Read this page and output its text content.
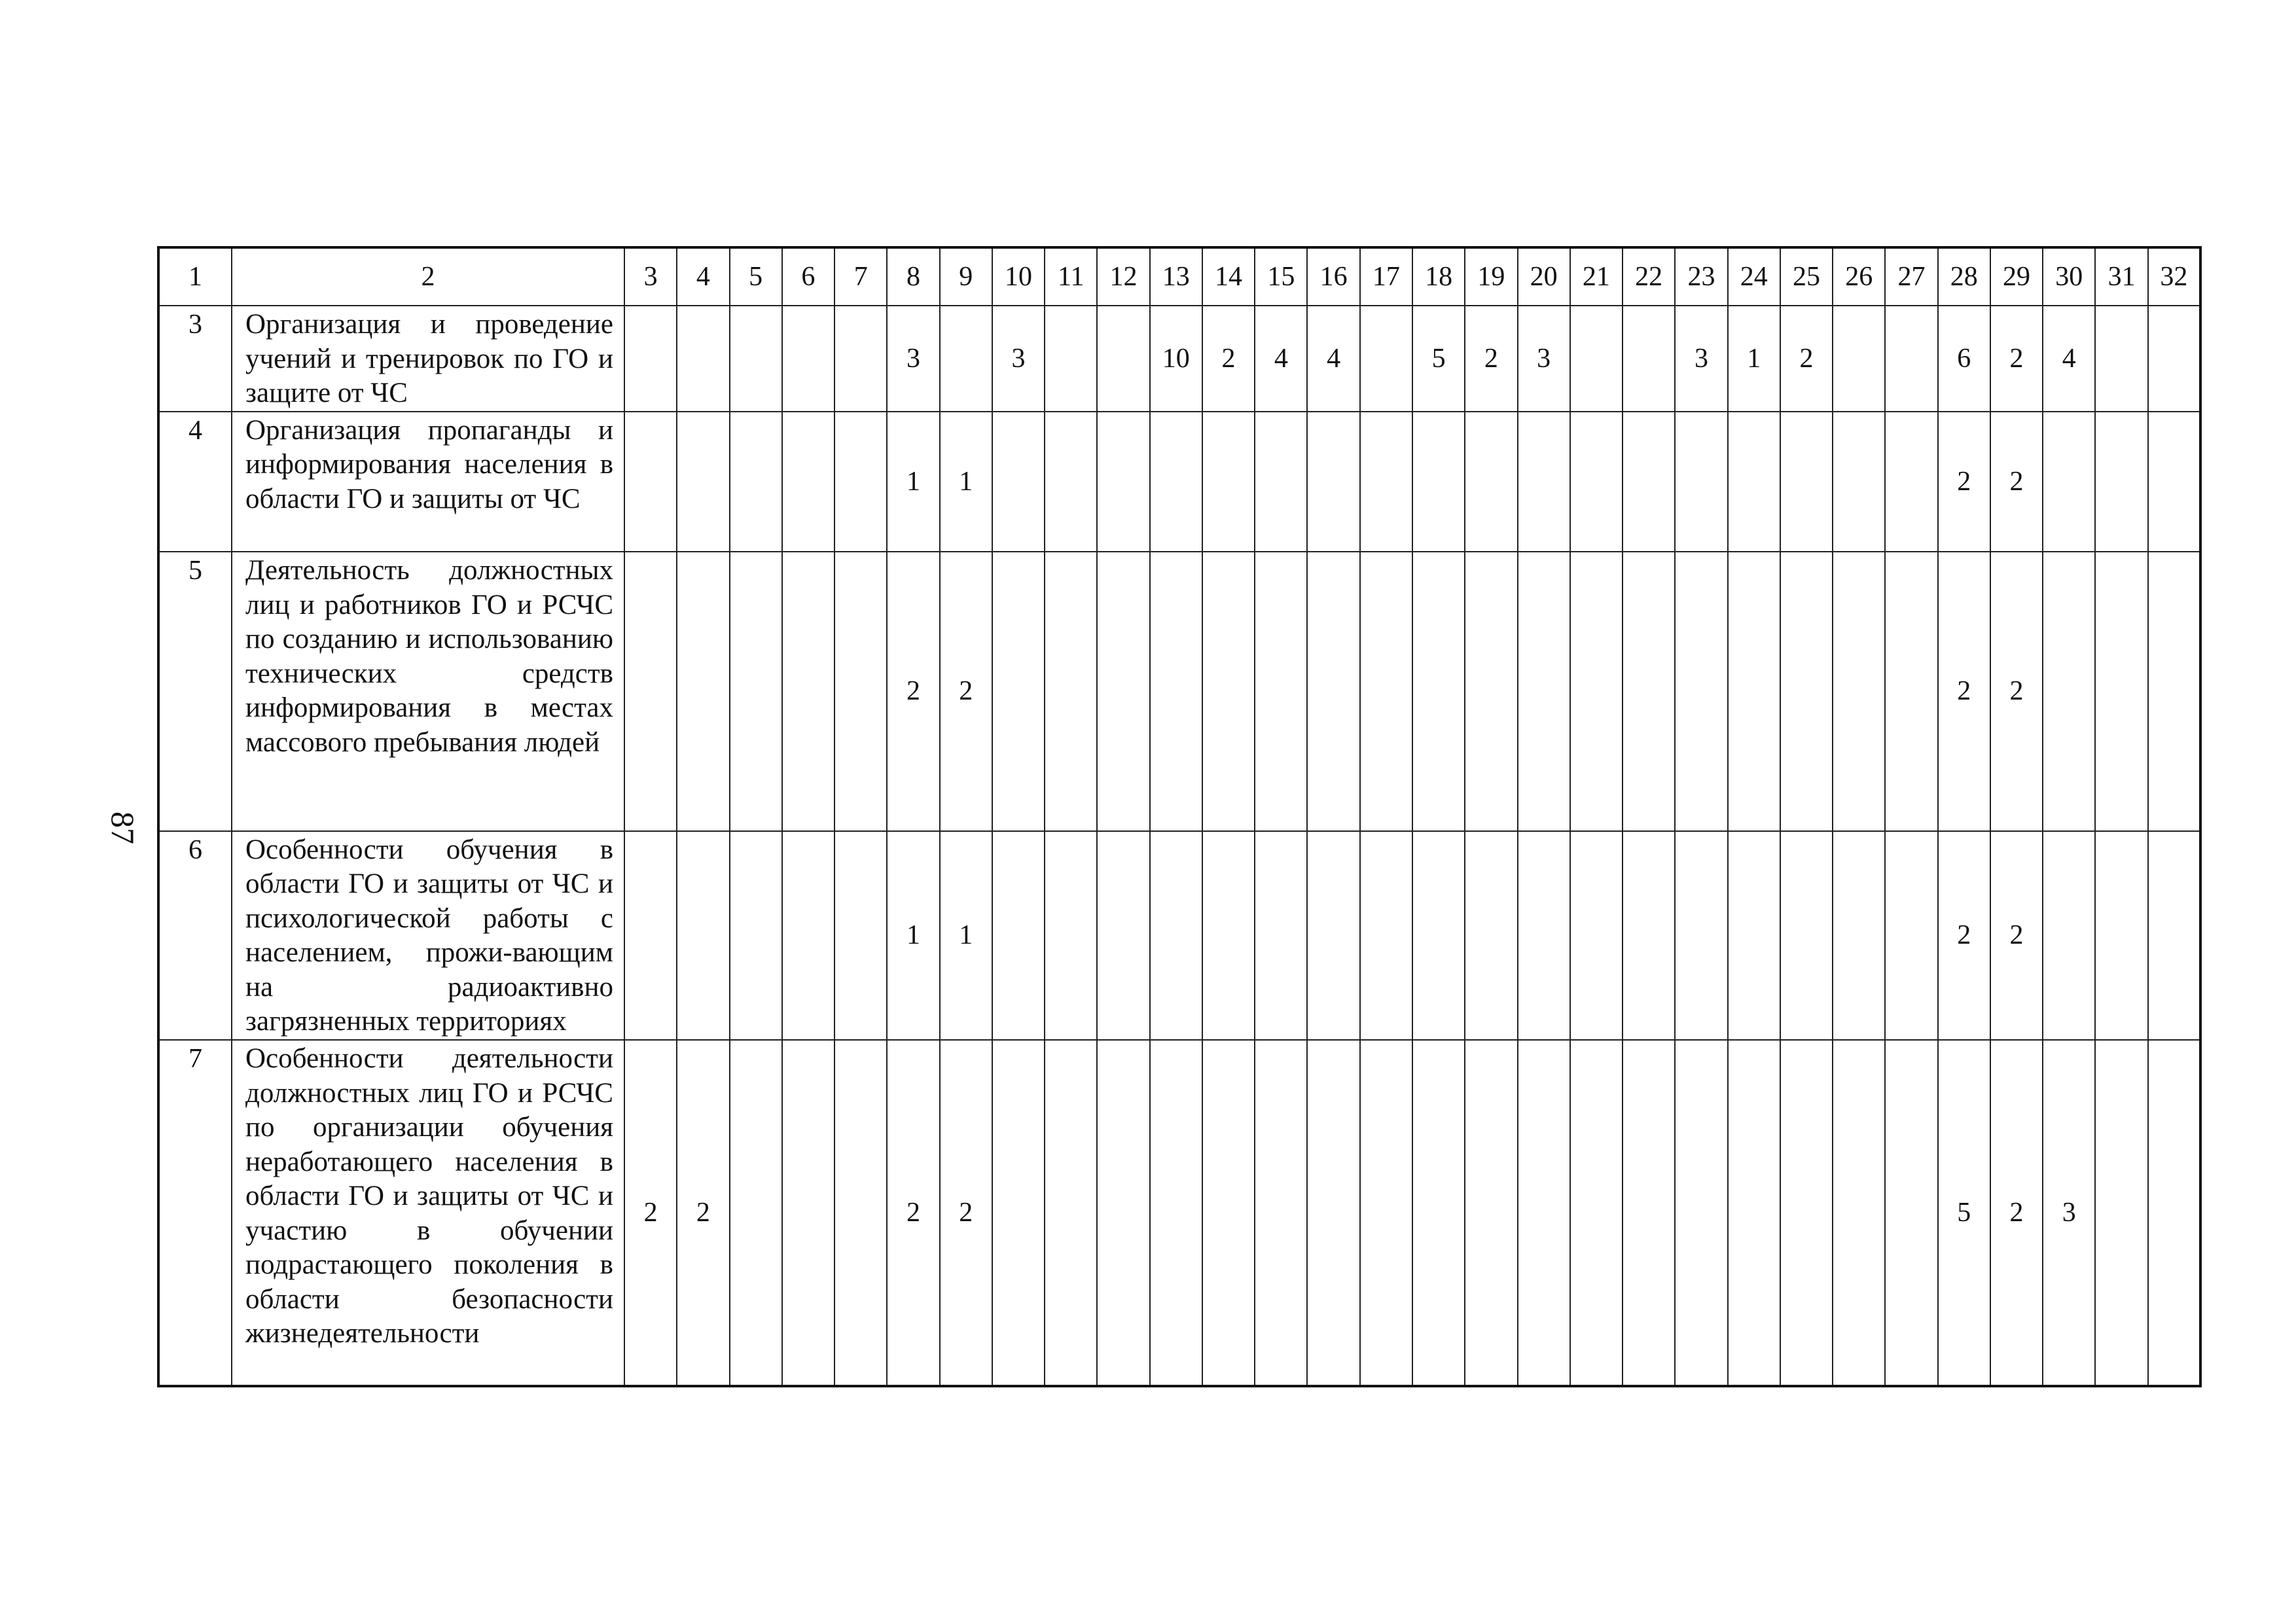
87
1	2	3	4	5	6	7	8	9	10	11	12	13	14	15	16	17	18	19	20	21	22	23	24	25	26	27	28	29	30	31	32
3	Организация и проведение учений и тренировок по ГО и защите от ЧС						3		3			10	2	4	4		5	2	3			3	1	2			6	2	4		
4	Организация пропаганды и информирования населения в области ГО и защиты от ЧС						1	1																			2	2			
5	Деятельность должностных лиц и работников ГО и РСЧС по созданию и использованию технических средств информирования в местах массового пребывания людей						2	2																			2	2			
6	Особенности обучения в области ГО и защиты от ЧС и психологической работы с населением, прожи-вающим на радиоактивно загрязненных территориях						1	1																			2	2			
7	Особенности деятельности должностных лиц ГО и РСЧС по организации обучения неработающего населения в области ГО и защиты от ЧС и участию в обучении подрастающего поколения в области безопасности жизнедеятельности	2	2				2	2																			5	2	3		
